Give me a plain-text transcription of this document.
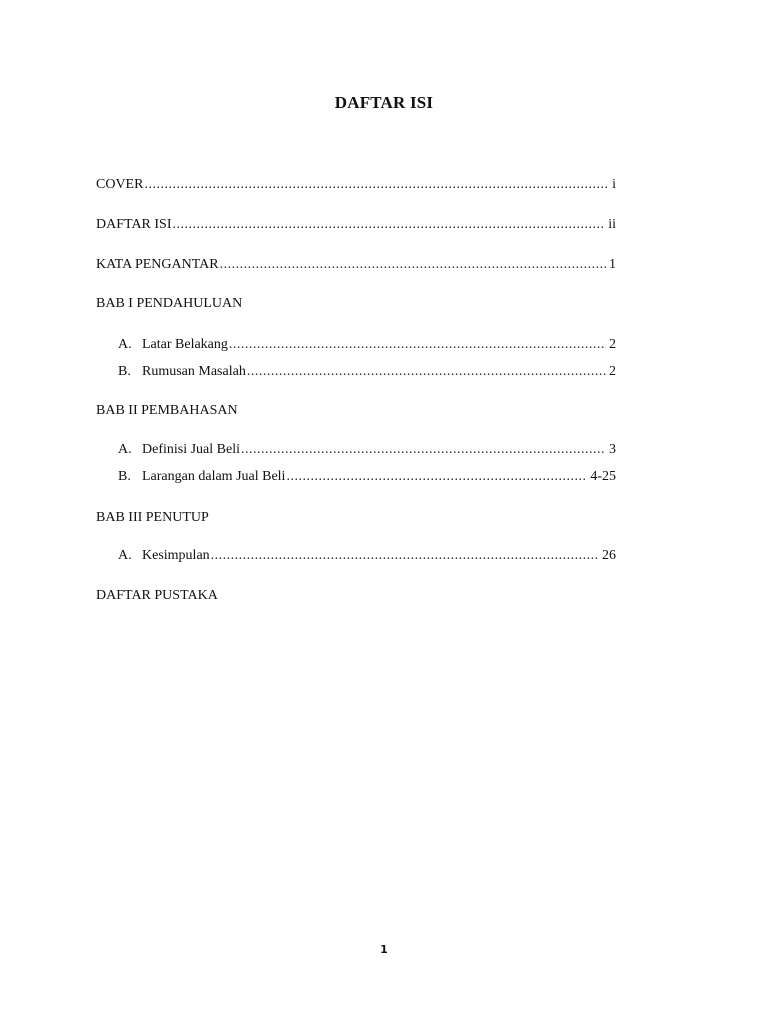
DAFTAR ISI
COVER .....	i
DAFTAR ISI .....	ii
KATA PENGANTAR .....	1
BAB I PENDAHULUAN
A. Latar Belakang .....	2
B. Rumusan Masalah .....	2
BAB II PEMBAHASAN
A. Definisi Jual Beli .....	3
B. Larangan dalam Jual Beli .....	4-25
BAB III PENUTUP
A. Kesimpulan .....	26
DAFTAR PUSTAKA
1
